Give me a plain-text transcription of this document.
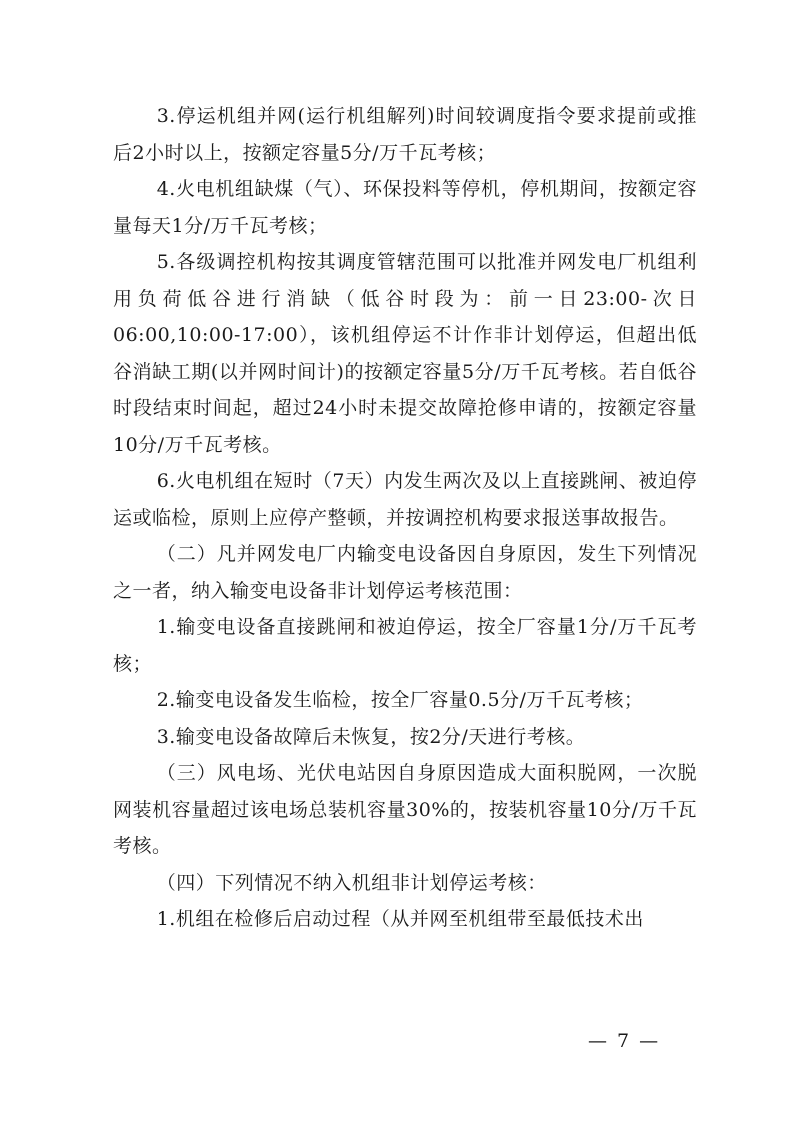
3.停运机组并网(运行机组解列)时间较调度指令要求提前或推后2小时以上，按额定容量5分/万千瓦考核；

4.火电机组缺煤（气）、环保投料等停机，停机期间，按额定容量每天1分/万千瓦考核；

5.各级调控机构按其调度管辖范围可以批准并网发电厂机组利用负荷低谷进行消缺（低谷时段为：前一日23:00-次日06:00,10:00-17:00），该机组停运不计作非计划停运，但超出低谷消缺工期(以并网时间计)的按额定容量5分/万千瓦考核。若自低谷时段结束时间起，超过24小时未提交故障抢修申请的，按额定容量10分/万千瓦考核。

6.火电机组在短时（7天）内发生两次及以上直接跳闸、被迫停运或临检，原则上应停产整顿，并按调控机构要求报送事故报告。

（二）凡并网发电厂内输变电设备因自身原因，发生下列情况之一者，纳入输变电设备非计划停运考核范围：

1.输变电设备直接跳闸和被迫停运，按全厂容量1分/万千瓦考核；

2.输变电设备发生临检，按全厂容量0.5分/万千瓦考核；

3.输变电设备故障后未恢复，按2分/天进行考核。

（三）风电场、光伏电站因自身原因造成大面积脱网，一次脱网装机容量超过该电场总装机容量30%的，按装机容量10分/万千瓦考核。

（四）下列情况不纳入机组非计划停运考核：

1.机组在检修后启动过程（从并网至机组带至最低技术出

— 7 —
